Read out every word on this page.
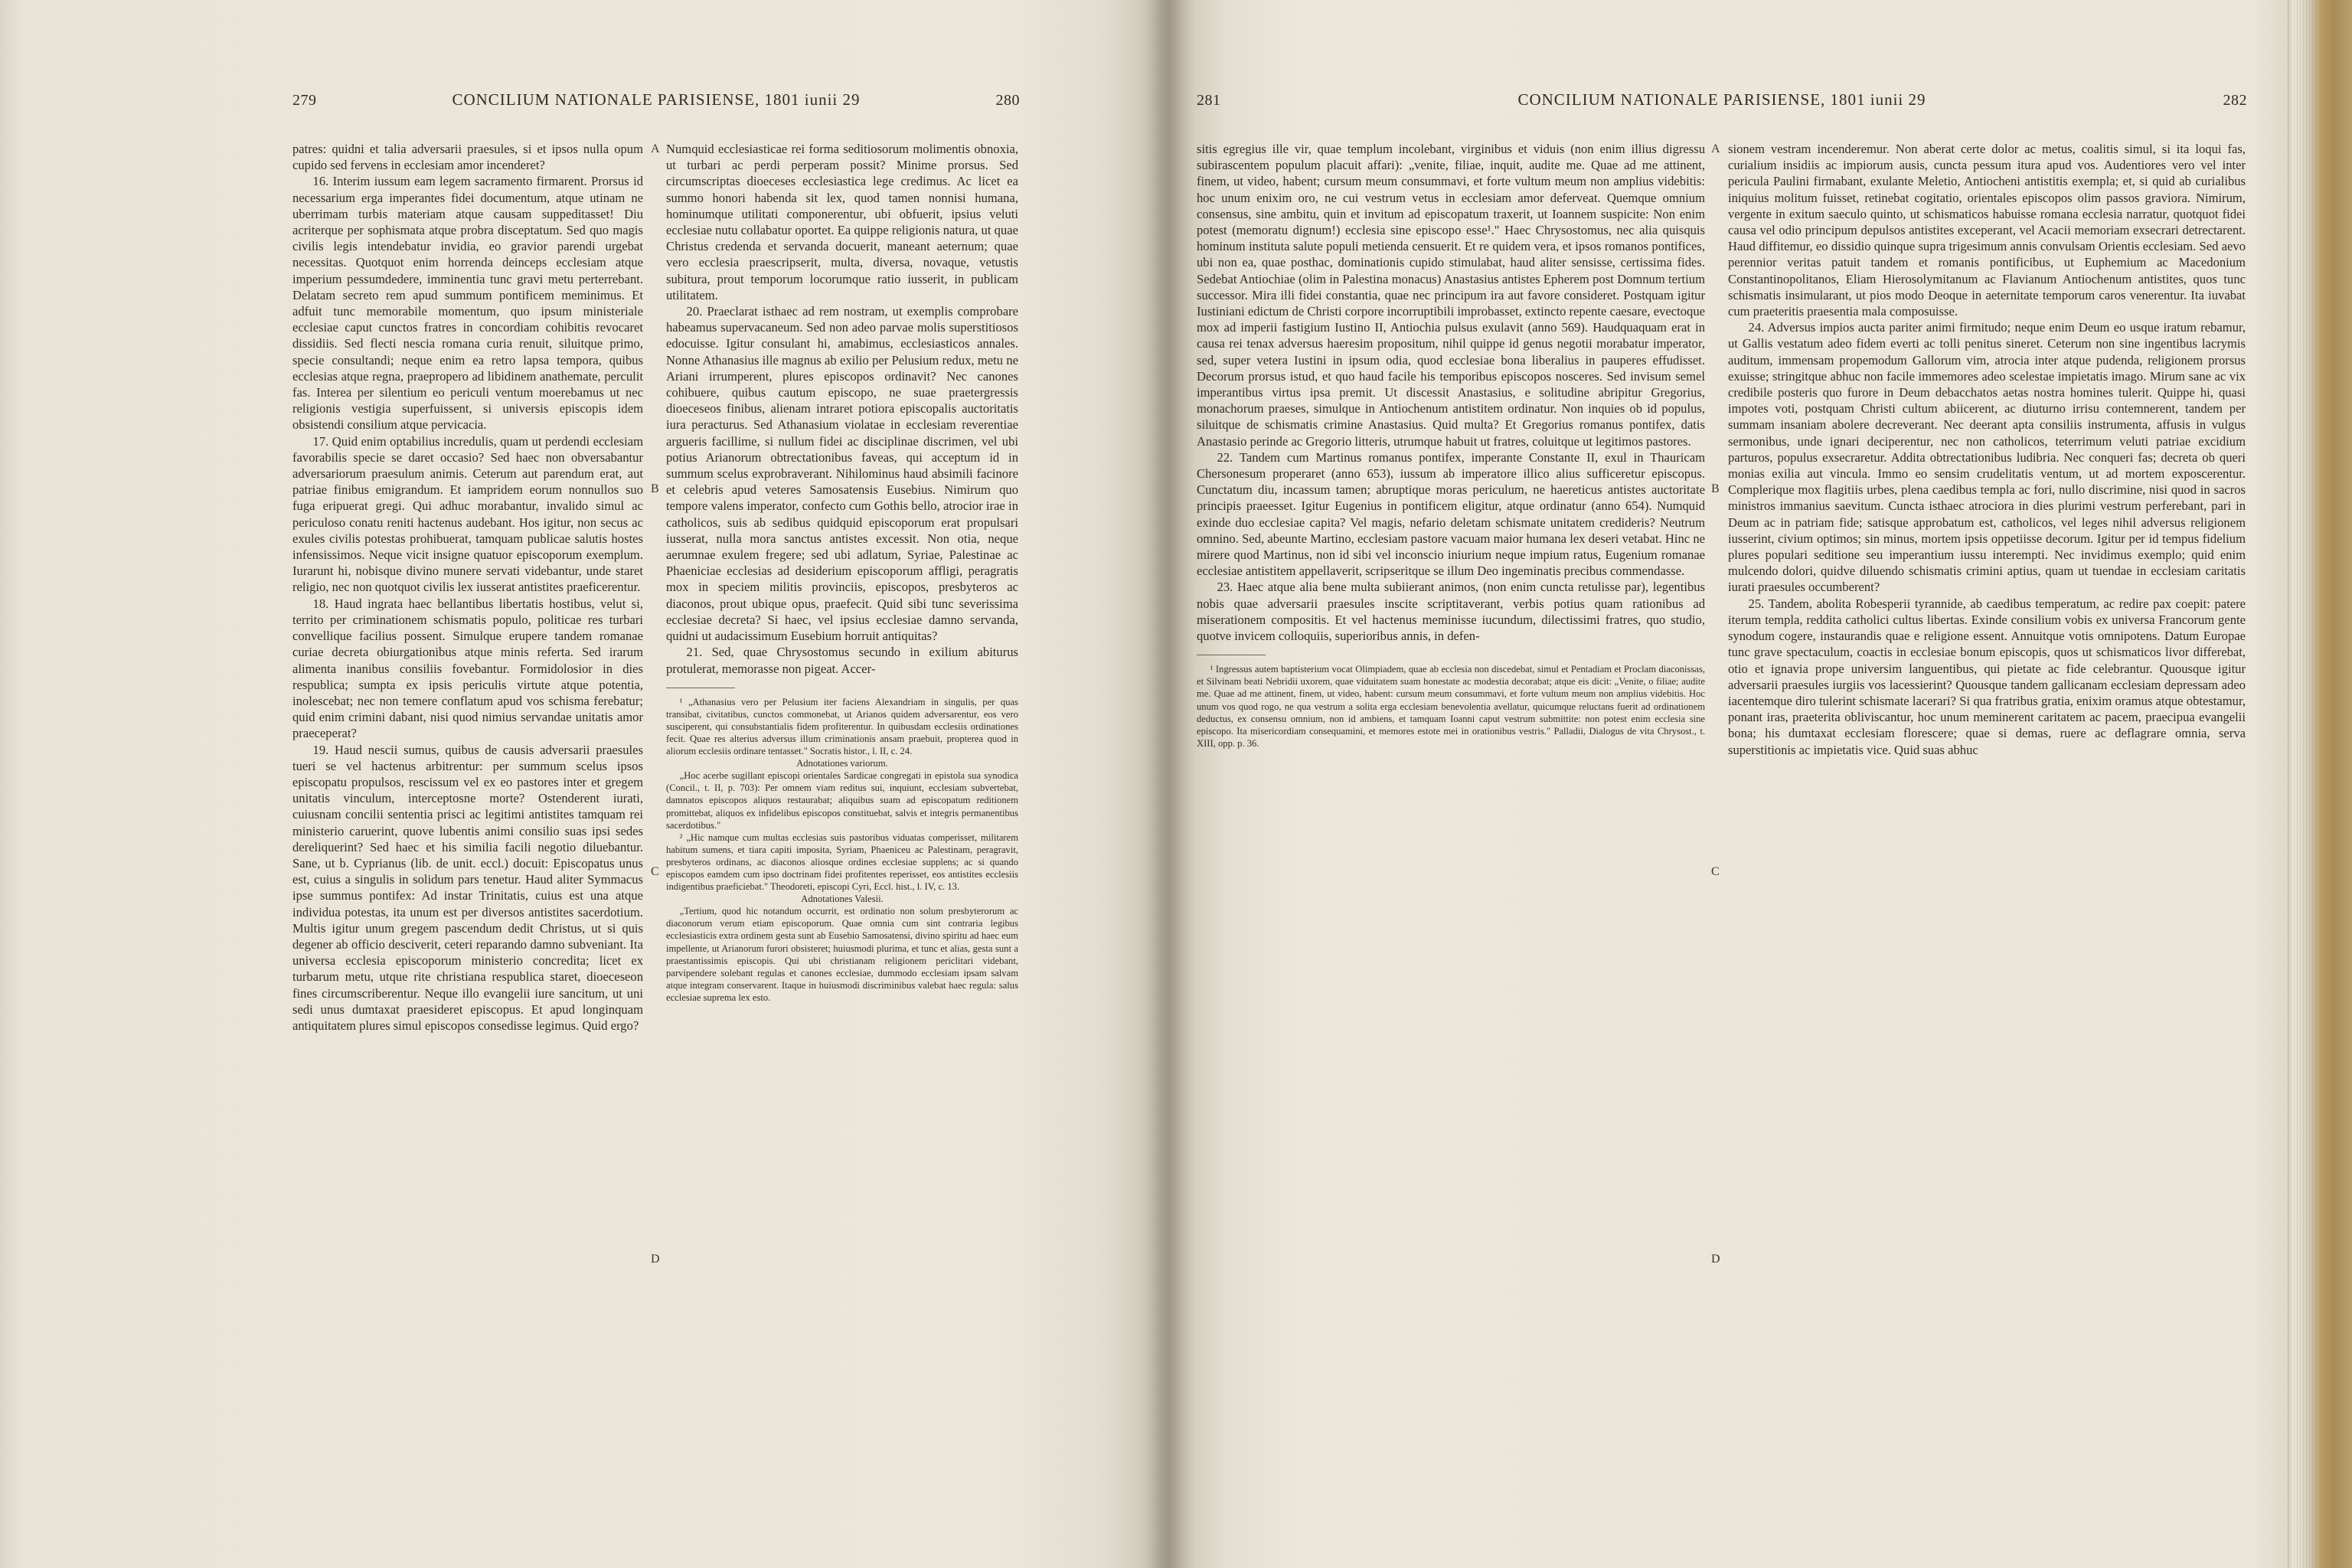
279	CONCILIUM NATIONALE PARISIENSE, 1801 iunii 29	280

patres: quidni et talia adversarii praesules, si et ipsos nulla opum cupido sed fervens in ecclesiam amor incenderet?

16. Interim iussum eam legem sacramento firmarent. Prorsus id necessarium erga imperantes fidei documentum, atque utinam ne uberrimam turbis materiam atque causam suppeditasset! Diu acriterque per sophismata atque probra disceptatum. Sed quo magis civilis legis intendebatur invidia, eo gravior parendi urgebat necessitas. Quotquot enim horrenda deinceps ecclesiam atque imperium pessumdedere, imminentia tunc gravi metu perterrebant. Delatam secreto rem apud summum pontificem meminimus. Et adfuit tunc memorabile momentum, quo ipsum ministeriale ecclesiae caput cunctos fratres in concordiam cohibitis revocaret dissidiis. Sed flecti nescia romana curia renuit, siluitque primo, specie consultandi; neque enim ea retro lapsa tempora, quibus ecclesias atque regna, praepropero ad libidinem anathemate, perculit fas. Interea per silentium eo periculi ventum moerebamus ut nec religionis vestigia superfuissent, si universis episcopis idem obsistendi consilium atque pervicacia.

17. Quid enim optabilius incredulis, quam ut perdendi ecclesiam favorabilis specie se daret occasio? Sed haec non obversabantur adversariorum praesulum animis. Ceterum aut parendum erat, aut patriae finibus emigrandum. Et iampridem eorum nonnullos suo fuga eripuerat gregi. Qui adhuc morabantur, invalido simul ac periculoso conatu reniti hactenus audebant. Hos igitur, non secus ac exules civilis potestas prohibuerat, tamquam publicae salutis hostes infensissimos. Neque vicit insigne quatuor episcoporum exemplum. Iurarunt hi, nobisque divino munere servati videbantur, unde staret religio, nec non quotquot civilis lex iusserat antistites praeficerentur.

18. Haud ingrata haec bellantibus libertatis hostibus, velut si, territo per criminationem schismatis populo, politicae res turbari convellique facilius possent. Simulque erupere tandem romanae curiae decreta obiurgationibus atque minis referta. Sed irarum alimenta inanibus consiliis fovebantur. Formidolosior in dies respublica; sumpta ex ipsis periculis virtute atque potentia, inolescebat; nec non temere conflatum apud vos schisma ferebatur; quid enim crimini dabant, nisi quod nimius servandae unitatis amor praeceperat?

19. Haud nescii sumus, quibus de causis adversarii praesules tueri se vel hactenus arbitrentur: per summum scelus ipsos episcopatu propulsos, rescissum vel ex eo pastores inter et gregem unitatis vinculum, interceptosne morte? Ostenderent iurati, cuiusnam concilii sententia prisci ac legitimi antistites tamquam rei ministerio caruerint, quove lubentis animi consilio suas ipsi sedes dereliquerint? Sed haec et his similia facili negotio diluebantur. Sane, ut b. Cyprianus (lib. de unit. eccl.) docuit: Episcopatus unus est, cuius a singulis in solidum pars tenetur. Haud aliter Symmacus ipse summus pontifex: Ad instar Trinitatis, cuius est una atque individua potestas, ita unum est per diversos antistites sacerdotium. Multis igitur unum gregem pascendum dedit Christus, ut si quis degener ab officio desciverit, ceteri reparando damno subveniant. Ita universa ecclesia episcoporum ministerio concredita; licet ex turbarum metu, utque rite christiana respublica staret, dioeceseon fines circumscriberentur. Neque illo evangelii iure sancitum, ut uni sedi unus dumtaxat praesideret episcopus. Et apud longinquam antiquitatem plures simul episcopos consedisse legimus. Quid ergo?

Numquid ecclesiasticae rei forma seditiosorum molimentis obnoxia, ut turbari ac perdi perperam possit? Minime prorsus. Sed circumscriptas dioeceses ecclesiastica lege credimus. Ac licet ea summo honori habenda sit lex, quod tamen nonnisi humana, hominumque utilitati componerentur, ubi obfuerit, ipsius veluti ecclesiae nutu collabatur oportet. Ea quippe religionis natura, ut quae Christus credenda et servanda docuerit, maneant aeternum; quae vero ecclesia praescripserit, multa, diversa, novaque, vetustis subitura, prout temporum locorumque ratio iusserit, in publicam utilitatem.

20. Praeclarat isthaec ad rem nostram, ut exemplis comprobare habeamus supervacaneum. Sed non adeo parvae molis superstitiosos edocuisse. Igitur consulant hi, amabimus, ecclesiasticos annales. Nonne Athanasius ille magnus ab exilio per Pelusium redux, metu ne Ariani irrumperent, plures episcopos ordinavit? Nec canones cohibuere, quibus cautum episcopo, ne suae praetergressis dioeceseos finibus, alienam intraret potiora episcopalis auctoritatis iura peracturus. Sed Athanasium violatae in ecclesiam reverentiae argueris facillime, si nullum fidei ac disciplinae discrimen, vel ubi potius Arianorum obtrectationibus faveas, qui acceptum id in summum scelus exprobraverant. Nihilominus haud absimili facinore et celebris apud veteres Samosatensis Eusebius. Nimirum quo tempore valens imperator, confecto cum Gothis bello, atrocior irae in catholicos, suis ab sedibus quidquid episcoporum erat propulsari iusserat, nulla mora sanctus antistes excessit. Non otia, neque aerumnae exulem fregere; sed ubi adlatum, Syriae, Palestinae ac Phaeniciae ecclesias ad desiderium episcoporum affligi, peragratis mox in speciem militis provinciis, episcopos, presbyteros ac diaconos, prout ubique opus, praefecit. Quid sibi tunc severissima ecclesiae decreta? Si haec, vel ipsius ecclesiae damno servanda, quidni ut audacissimum Eusebium horruit antiquitas?

21. Sed, quae Chrysostomus secundo in exilium abiturus protulerat, memorasse non pigeat. Accer-

¹ „Athanasius vero per Pelusium iter faciens Alexandriam in singulis, per quas transibat, civitatibus, cunctos commonebat, ut Arianos quidem adversarentur, eos vero susciperent, qui consubstantialis fidem profiterentur. In quibusdam ecclesiis ordinationes fecit. Quae res alterius adversus illum criminationis ansam praebuit, propterea quod in aliorum ecclesiis ordinare tentasset." Socratis histor., l. II, c. 24.

Adnotationes variorum.

„Hoc acerbe sugillant episcopi orientales Sardicae congregati in epistola sua synodica (Concil., t. II, p. 703): Per omnem viam reditus sui, inquiunt, ecclesiam subvertebat, damnatos episcopos aliquos restaurabat; aliquibus suam ad episcopatum reditionem promittebat, aliquos ex infidelibus episcopos constituebat, salvis et integris permanentibus sacerdotibus."

² „Hic namque cum multas ecclesias suis pastoribus viduatas comperisset, militarem habitum sumens, et tiara capiti imposita, Syriam, Phaeniceu ac Palestinam, peragravit, presbyteros ordinans, ac diaconos aliosque ordines ecclesiae supplens; ac si quando episcopos eamdem cum ipso doctrinam fidei profitentes reperisset, eos antistites ecclesiis indigentibus praeficiebat." Theodoreti, episcopi Cyri, Eccl. hist., l. IV, c. 13.

Adnotationes Valesii.

„Tertium, quod hic notandum occurrit, est ordinatio non solum presbyterorum ac diaconorum verum etiam episcoporum. Quae omnia cum sint contraria legibus ecclesiasticis extra ordinem gesta sunt ab Eusebio Samosatensi, divino spiritu ad haec eum impellente, ut Arianorum furori obsisteret; huiusmodi plurima, et tunc et alias, gesta sunt a praestantissimis episcopis. Qui ubi christianam religionem periclitari videbant, parvipendere solebant regulas et canones ecclesiae, dummodo ecclesiam ipsam salvam atque integram conservarent. Itaque in huiusmodi discriminibus valebat haec regula: salus ecclesiae suprema lex esto.

A
B
C
D
281	CONCILIUM NATIONALE PARISIENSE, 1801 iunii 29	282

sitis egregius ille vir, quae templum incolebant, virginibus et viduis (non enim illius digressu subirascentem populum placuit affari): „venite, filiae, inquit, audite me. Quae ad me attinent, finem, ut video, habent; cursum meum consummavi, et forte vultum meum non amplius videbitis: hoc unum enixim oro, ne cui vestrum vetus in ecclesiam amor deferveat. Quemque omnium consensus, sine ambitu, quin et invitum ad episcopatum traxerit, ut Ioannem suspicite: Non enim potest (memoratu dignum!) ecclesia sine episcopo esse¹." Haec Chrysostomus, nec alia quisquis hominum instituta salute populi metienda censuerit. Et re quidem vera, et ipsos romanos pontifices, ubi non ea, quae posthac, dominationis cupido stimulabat, haud aliter sensisse, certissima fides. Sedebat Antiochiae (olim in Palestina monacus) Anastasius antistes Epherem post Domnum tertium successor. Mira illi fidei constantia, quae nec principum ira aut favore consideret. Postquam igitur Iustiniani edictum de Christi corpore incorruptibili improbasset, extincto repente caesare, evectoque mox ad imperii fastigium Iustino II, Antiochia pulsus exulavit (anno 569). Haudquaquam erat in causa rei tenax adversus haeresim propositum, nihil quippe id genus negotii morabatur imperator, sed, super vetera Iustini in ipsum odia, quod ecclesiae bona liberalius in pauperes effudisset. Decorum prorsus istud, et quo haud facile his temporibus episcopos nosceres. Sed invisum semel imperantibus virtus ipsa premit. Ut discessit Anastasius, e solitudine abripitur Gregorius, monachorum praeses, simulque in Antiochenum antistitem ordinatur. Non inquies ob id populus, siluitque de schismatis crimine Anastasius. Quid multa? Et Gregorius romanus pontifex, datis Anastasio perinde ac Gregorio litteris, utrumque habuit ut fratres, coluitque ut legitimos pastores.

22. Tandem cum Martinus romanus pontifex, imperante Constante II, exul in Thauricam Chersonesum properaret (anno 653), iussum ab imperatore illico alius sufficeretur episcopus. Cunctatum diu, incassum tamen; abruptique moras periculum, ne haereticus antistes auctoritate principis praeesset. Igitur Eugenius in pontificem eligitur, atque ordinatur (anno 654). Numquid exinde duo ecclesiae capita? Vel magis, nefario deletam schismate unitatem credideris? Neutrum omnino. Sed, abeunte Martino, ecclesiam pastore vacuam maior humana lex deseri vetabat. Hinc ne mirere quod Martinus, non id sibi vel inconscio iniurium neque impium ratus, Eugenium romanae ecclesiae antistitem appellaverit, scripseritque se illum Deo ingeminatis precibus commendasse.

23. Haec atque alia bene multa subiierant animos, (non enim cuncta retulisse par), legentibus nobis quae adversarii praesules inscite scriptitaverant, verbis potius quam rationibus ad miserationem compositis. Et vel hactenus meminisse iucundum, dilectissimi fratres, quo studio, quotve invicem colloquiis, superioribus annis, in defen-

¹ Ingressus autem baptisterium vocat Olimpiadem, quae ab ecclesia non discedebat, simul et Pentadiam et Proclam diaconissas, et Silvinam beati Nebridii uxorem, quae viduitatem suam honestate ac modestia decorabat; atque eis dicit: „Venite, o filiae; audite me. Quae ad me attinent, finem, ut video, habent: cursum meum consummavi, et forte vultum meum non amplius videbitis. Hoc unum vos quod rogo, ne qua vestrum a solita erga ecclesiam benevolentia avellatur, quicumque reluctans fuerit ad ordinationem deductus, ex consensu omnium, non id ambiens, et tamquam Ioanni caput vestrum submittite: non potest enim ecclesia sine episcopo. Ita misericordiam consequamini, et memores estote mei in orationibus vestris." Palladii, Dialogus de vita Chrysost., t. XIII, opp. p. 36.

sionem vestram incenderemur. Non aberat certe dolor ac metus, coalitis simul, si ita loqui fas, curialium insidiis ac impiorum ausis, cuncta pessum itura apud vos. Audentiores vero vel inter pericula Paulini firmabant, exulante Meletio, Antiocheni antistitis exempla; et, si quid ab curialibus iniquius molitum fuisset, retinebat cogitatio, orientales episcopos olim passos graviora. Nimirum, vergente in exitum saeculo quinto, ut schismaticos habuisse romana ecclesia narratur, quotquot fidei causa vel odio principum depulsos antistites exceperant, vel Acacii memoriam exsecrari detrectarent. Haud diffitemur, eo dissidio quinque supra trigesimum annis convulsam Orientis ecclesiam. Sed aevo perennior veritas patuit tandem et romanis pontificibus, ut Euphemium ac Macedonium Constantinopolitanos, Eliam Hierosolymitanum ac Flavianum Antiochenum antistites, quos tunc schismatis insimularant, ut pios modo Deoque in aeternitate temporum caros venerentur. Ita iuvabat cum praeteritis praesentia mala composuisse.

24. Adversus impios aucta pariter animi firmitudo; neque enim Deum eo usque iratum rebamur, ut Gallis vestatum adeo fidem everti ac tolli penitus sineret. Ceterum non sine ingentibus lacrymis auditum, immensam propemodum Gallorum vim, atrocia inter atque pudenda, religionem prorsus exuisse; stringitque abhuc non facile immemores adeo scelestae impietatis imago. Mirum sane ac vix credibile posteris quo furore in Deum debacchatos aetas nostra homines tulerit. Quippe hi, quasi impotes voti, postquam Christi cultum abiicerent, ac diuturno irrisu contemnerent, tandem per summam insaniam abolere decreverant. Nec deerant apta consiliis instrumenta, affusis in vulgus sermonibus, unde ignari deciperentur, nec non catholicos, teterrimum veluti patriae excidium parturos, populus exsecraretur. Addita obtrectationibus ludibria. Nec conqueri fas; decreta ob queri monias exilia aut vincula. Immo eo sensim crudelitatis ventum, ut ad mortem exposcerentur. Complerique mox flagitiis urbes, plena caedibus templa ac fori, nullo discrimine, nisi quod in sacros ministros immanius saevitum. Cuncta isthaec atrociora in dies plurimi vestrum perferebant, pari in Deum ac in patriam fide; satisque approbatum est, catholicos, vel leges nihil adversus religionem iusserint, civium optimos; sin minus, mortem ipsis oppetiisse decorum. Igitur per id tempus fidelium plures populari seditione seu imperantium iussu interempti. Nec invidimus exemplo; quid enim mulcendo dolori, quidve diluendo schismatis crimini aptius, quam ut tuendae in ecclesiam caritatis iurati praesules occumberent?

25. Tandem, abolita Robesperii tyrannide, ab caedibus temperatum, ac redire pax coepit: patere iterum templa, reddita catholici cultus libertas. Exinde consilium vobis ex universa Francorum gente synodum cogere, instaurandis quae e religione essent. Annuitque votis omnipotens. Datum Europae tunc grave spectaculum, coactis in ecclesiae bonum episcopis, quos ut schismaticos livor differebat, otio et ignavia prope universim languentibus, qui pietate ac fide celebrantur. Quousque igitur adversarii praesules iurgiis vos lacessierint? Quousque tandem gallicanam ecclesiam depressam adeo iacentemque diro tulerint schismate lacerari? Si qua fratribus gratia, enixim oramus atque obtestamur, ponant iras, praeterita obliviscantur, hoc unum meminerent caritatem ac pacem, praecipua evangelii bona; his dumtaxat ecclesiam florescere; quae si demas, ruere ac deflagrare omnia, serva superstitionis ac impietatis vice. Quid suas abhuc

A
B
C
D
